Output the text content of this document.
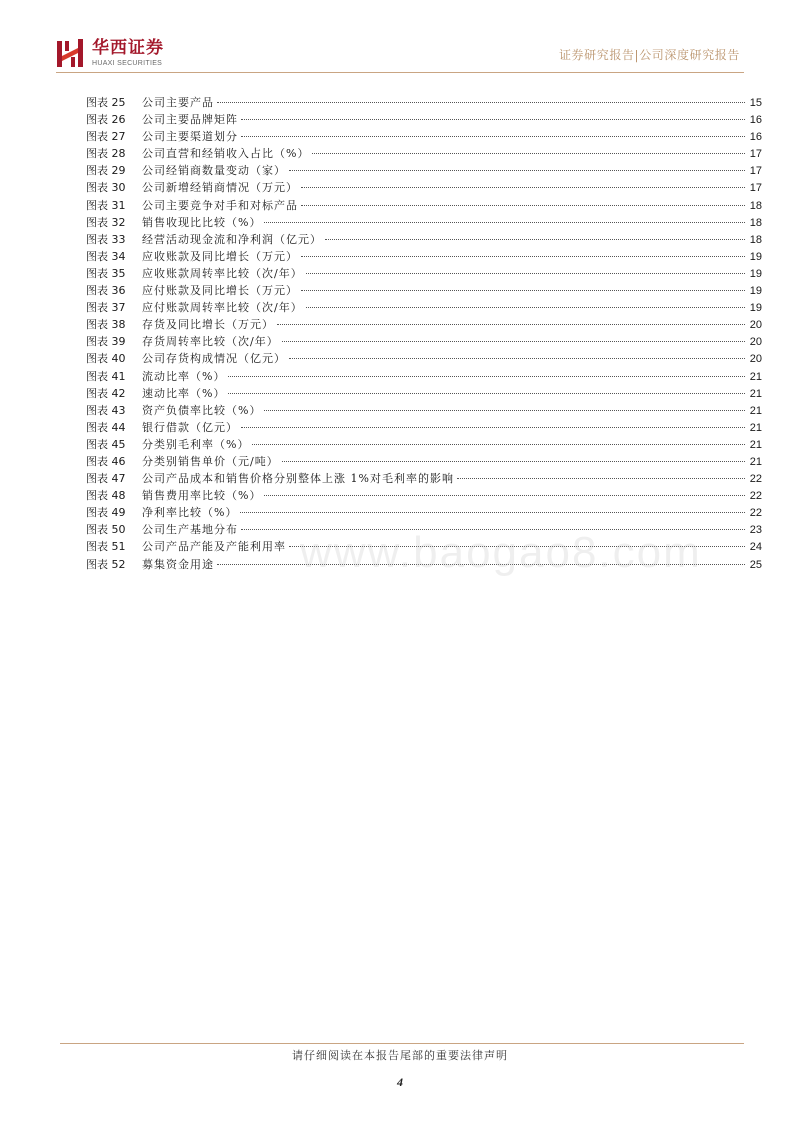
华西证券
HUAXI SECURITIES
证券研究报告|公司深度研究报告
图表 25	公司主要产品	15
图表 26	公司主要品牌矩阵	16
图表 27	公司主要渠道划分	16
图表 28	公司直营和经销收入占比（%）	17
图表 29	公司经销商数量变动（家）	17
图表 30	公司新增经销商情况（万元）	17
图表 31	公司主要竞争对手和对标产品	18
图表 32	销售收现比比较（%）	18
图表 33	经营活动现金流和净利润（亿元）	18
图表 34	应收账款及同比增长（万元）	19
图表 35	应收账款周转率比较（次/年）	19
图表 36	应付账款及同比增长（万元）	19
图表 37	应付账款周转率比较（次/年）	19
图表 38	存货及同比增长（万元）	20
图表 39	存货周转率比较（次/年）	20
图表 40	公司存货构成情况（亿元）	20
图表 41	流动比率（%）	21
图表 42	速动比率（%）	21
图表 43	资产负债率比较（%）	21
图表 44	银行借款（亿元）	21
图表 45	分类别毛利率（%）	21
图表 46	分类别销售单价（元/吨）	21
图表 47	公司产品成本和销售价格分别整体上涨 1%对毛利率的影响	22
图表 48	销售费用率比较（%）	22
图表 49	净利率比较（%）	22
图表 50	公司生产基地分布	23
图表 51	公司产品产能及产能利用率	24
图表 52	募集资金用途	25
www.baogao8.com
请仔细阅读在本报告尾部的重要法律声明
4
